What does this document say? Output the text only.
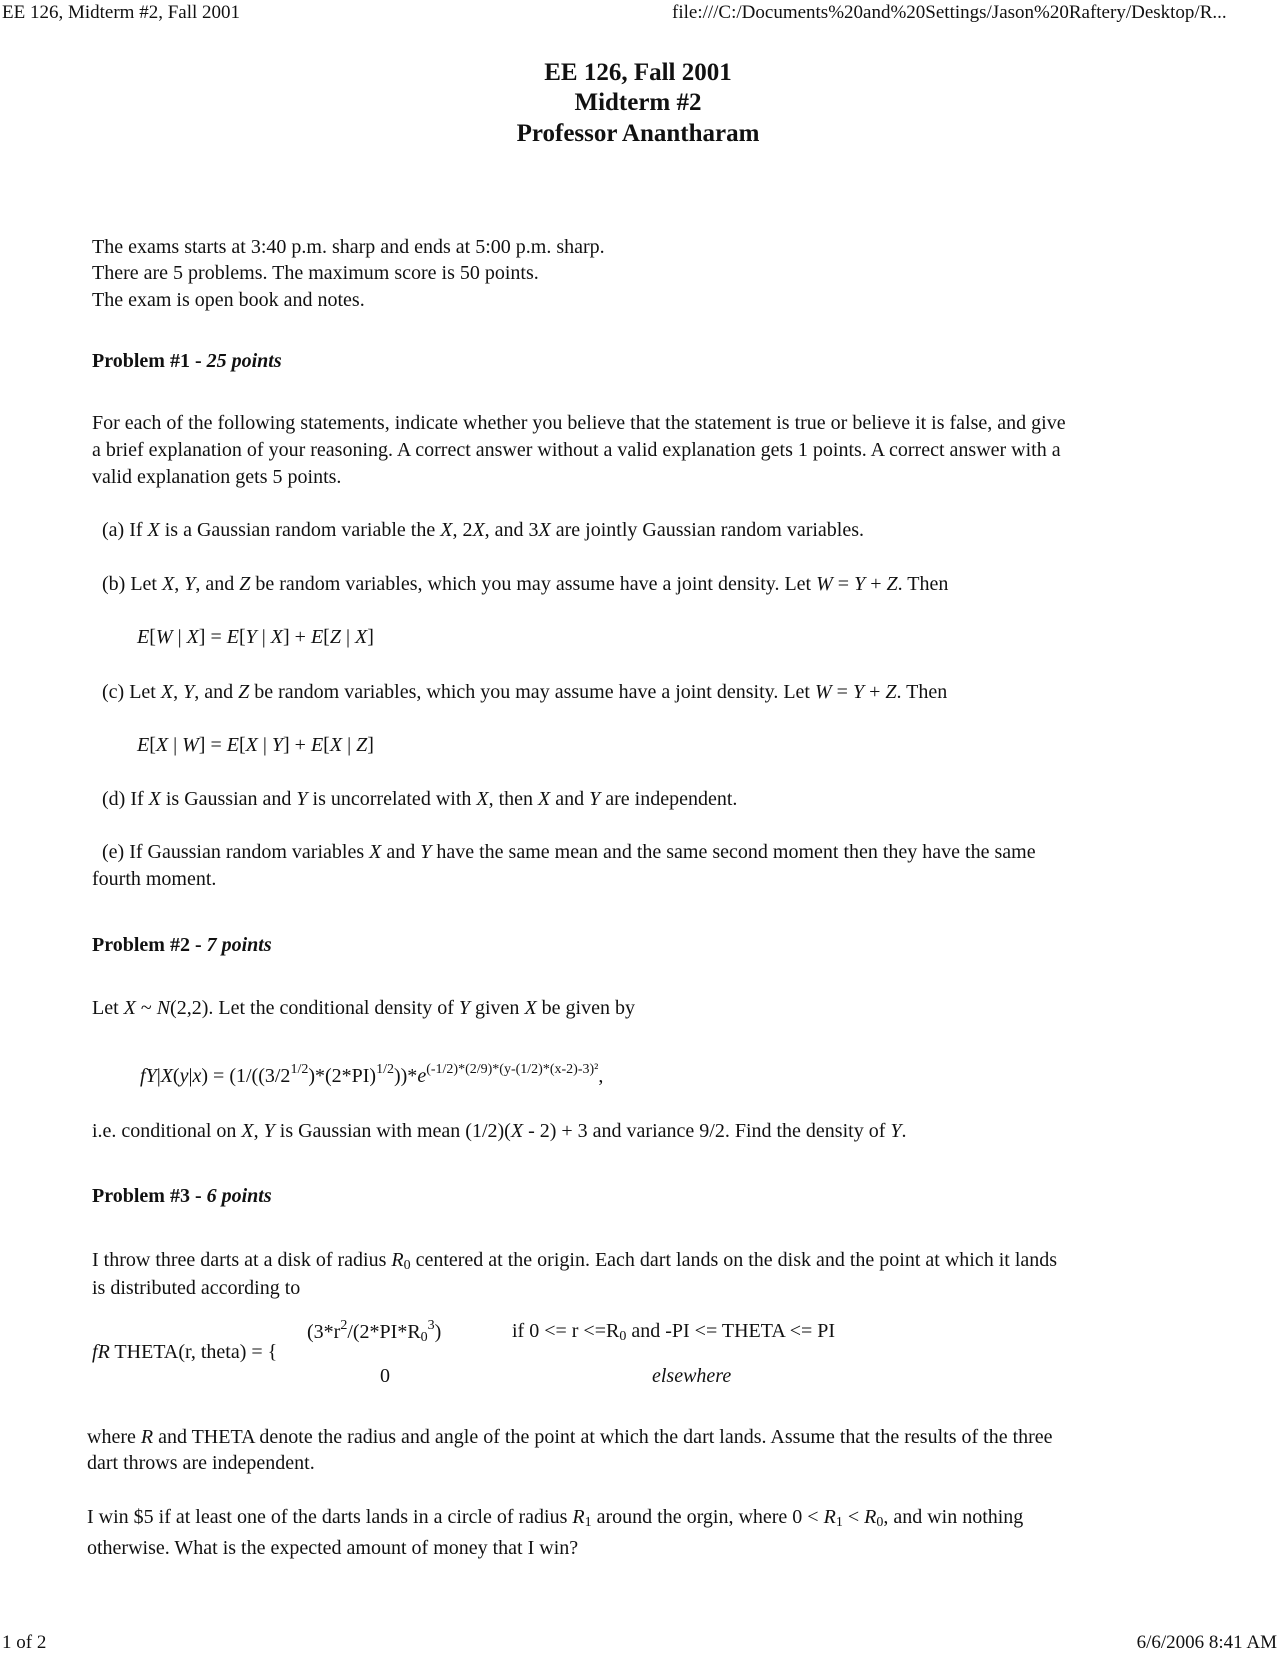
EE 126, Midterm #2, Fall 2001	file:///C:/Documents%20and%20Settings/Jason%20Raftery/Desktop/R...
EE 126, Fall 2001
Midterm #2
Professor Anantharam
The exams starts at 3:40 p.m. sharp and ends at 5:00 p.m. sharp.
There are 5 problems. The maximum score is 50 points.
The exam is open book and notes.
Problem #1 - 25 points
For each of the following statements, indicate whether you believe that the statement is true or believe it is false, and give
a brief explanation of your reasoning. A correct answer without a valid explanation gets 1 points. A correct answer with a
valid explanation gets 5 points.
(a) If X is a Gaussian random variable the X, 2X, and 3X are jointly Gaussian random variables.
(b) Let X, Y, and Z be random variables, which you may assume have a joint density. Let W = Y + Z. Then
E[W | X] = E[Y | X] + E[Z | X]
(c) Let X, Y, and Z be random variables, which you may assume have a joint density. Let W = Y + Z. Then
E[X | W] = E[X | Y] + E[X | Z]
(d) If X is Gaussian and Y is uncorrelated with X, then X and Y are independent.
(e) If Gaussian random variables X and Y have the same mean and the same second moment then they have the same
fourth moment.
Problem #2 - 7 points
Let X ~ N(2,2). Let the conditional density of Y given X be given by
$fY|X(y|x) = (1/((3/2^{1/2})*(2*PI)^{1/2}))*e^{(-1/2)*(2/9)*(y-(1/2)*(x-2)-3)^2}$,
i.e. conditional on X, Y is Gaussian with mean (1/2)(X - 2) + 3 and variance 9/2. Find the density of Y.
Problem #3 - 6 points
I throw three darts at a disk of radius $R_0$ centered at the origin. Each dart lands on the disk and the point at which it lands
is distributed according to
fR THETA(r, theta) = {
($3*r^2/(2*PI*R_0^3)$	if $0 <= r <=R_0$ and -PI <= THETA <= PI
0	elsewhere
where R and THETA denote the radius and angle of the point at which the dart lands. Assume that the results of the three
dart throws are independent.
I win $5 if at least one of the darts lands in a circle of radius $R_1$ around the orgin, where $0 < R_1 < R_0$, and win nothing
otherwise. What is the expected amount of money that I win?
1 of 2	6/6/2006 8:41 AM
